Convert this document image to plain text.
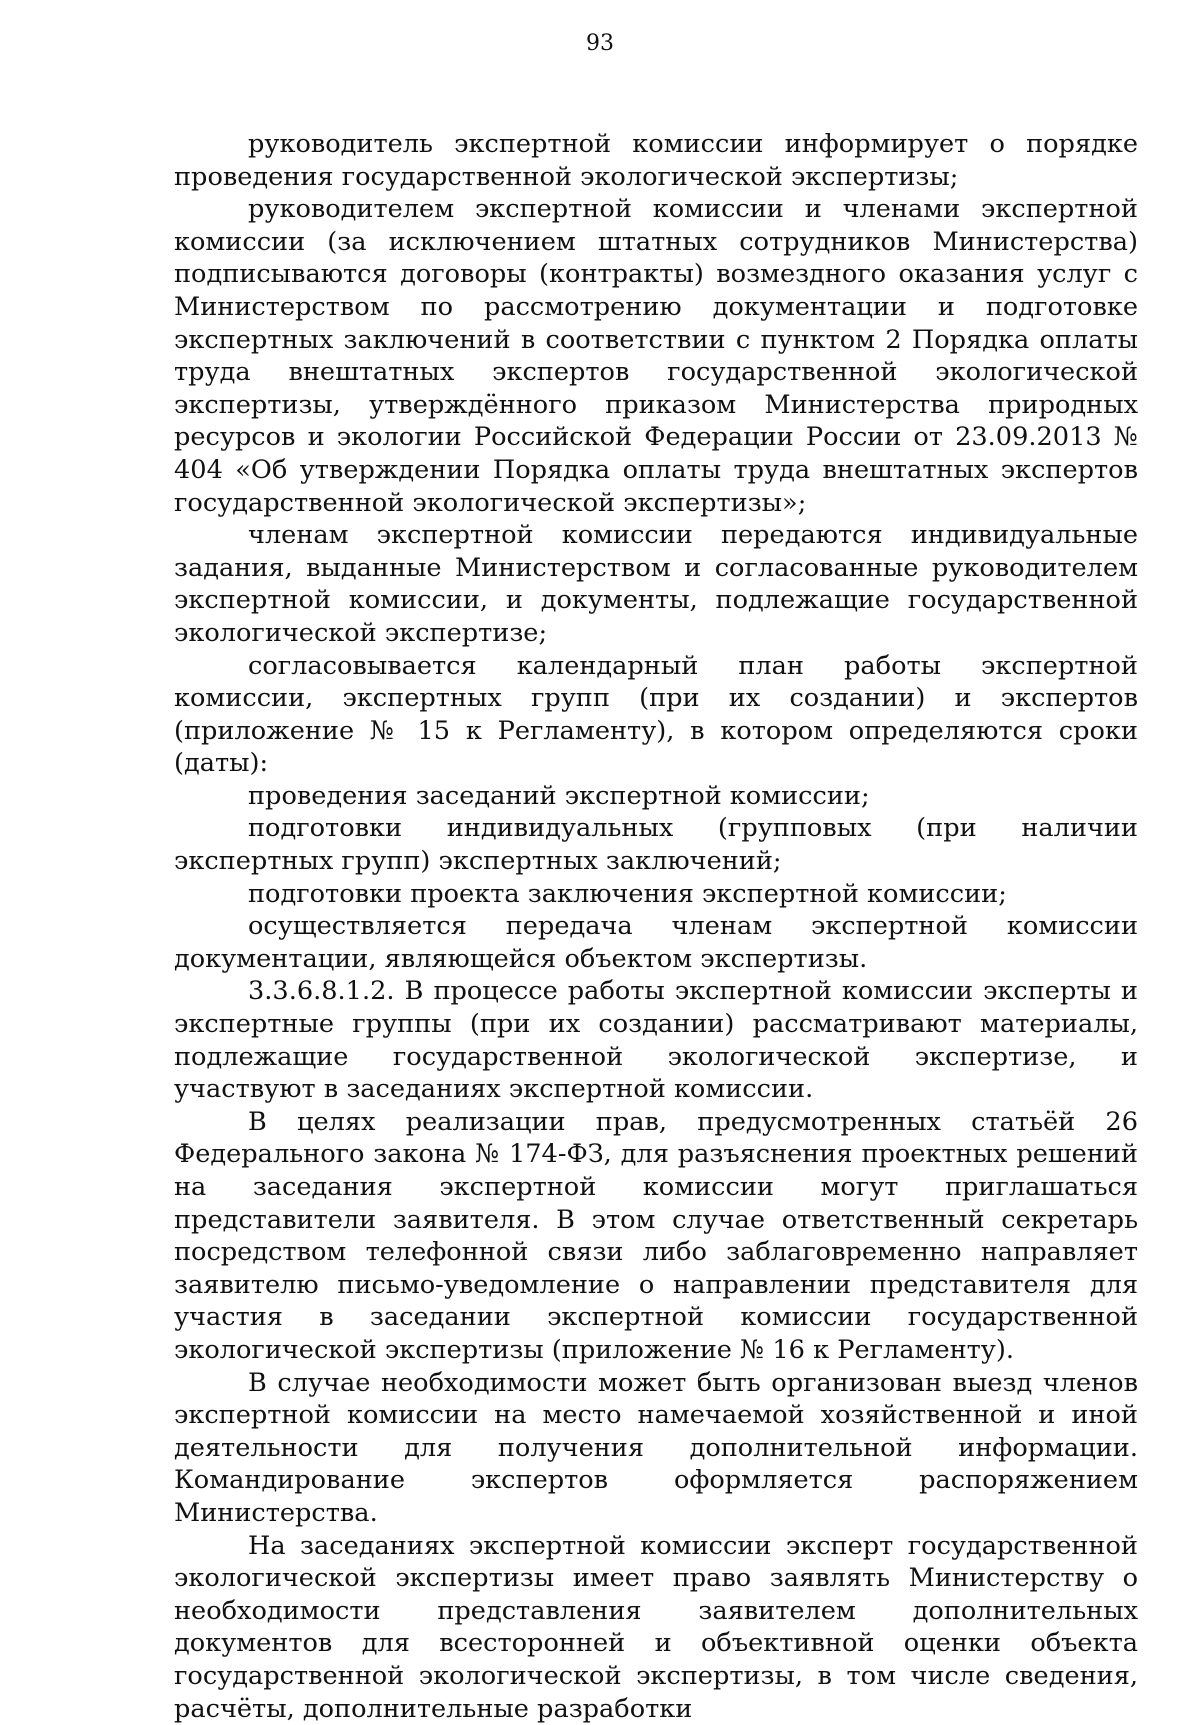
93

руководитель экспертной комиссии информирует о порядке проведения государственной экологической экспертизы;

руководителем экспертной комиссии и членами экспертной комиссии (за исключением штатных сотрудников Министерства) подписываются договоры (контракты) возмездного оказания услуг с Министерством по рассмотрению документации и подготовке экспертных заключений в соответствии с пунктом 2 Порядка оплаты труда внештатных экспертов государственной экологической экспертизы, утверждённого приказом Министерства природных ресурсов и экологии Российской Федерации России от 23.09.2013 № 404 «Об утверждении Порядка оплаты труда внештатных экспертов государственной экологической экспертизы»;

членам экспертной комиссии передаются индивидуальные задания, выданные Министерством и согласованные руководителем экспертной комиссии, и документы, подлежащие государственной экологической экспертизе;

согласовывается календарный план работы экспертной комиссии, экспертных групп (при их создании) и экспертов (приложение № 15 к Регламенту), в котором определяются сроки (даты):

проведения заседаний экспертной комиссии;

подготовки индивидуальных (групповых (при наличии экспертных групп) экспертных заключений;

подготовки проекта заключения экспертной комиссии;

осуществляется передача членам экспертной комиссии документации, являющейся объектом экспертизы.

3.3.6.8.1.2. В процессе работы экспертной комиссии эксперты и экспертные группы (при их создании) рассматривают материалы, подлежащие государственной экологической экспертизе, и участвуют в заседаниях экспертной комиссии.

В целях реализации прав, предусмотренных статьёй 26 Федерального закона № 174-ФЗ, для разъяснения проектных решений на заседания экспертной комиссии могут приглашаться представители заявителя. В этом случае ответственный секретарь посредством телефонной связи либо заблаговременно направляет заявителю письмо-уведомление о направлении представителя для участия в заседании экспертной комиссии государственной экологической экспертизы (приложение № 16 к Регламенту).

В случае необходимости может быть организован выезд членов экспертной комиссии на место намечаемой хозяйственной и иной деятельности для получения дополнительной информации. Командирование экспертов оформляется распоряжением Министерства.

На заседаниях экспертной комиссии эксперт государственной экологической экспертизы имеет право заявлять Министерству о необходимости представления заявителем дополнительных документов для всесторонней и объективной оценки объекта государственной экологической экспертизы, в том числе сведения, расчёты, дополнительные разработки
